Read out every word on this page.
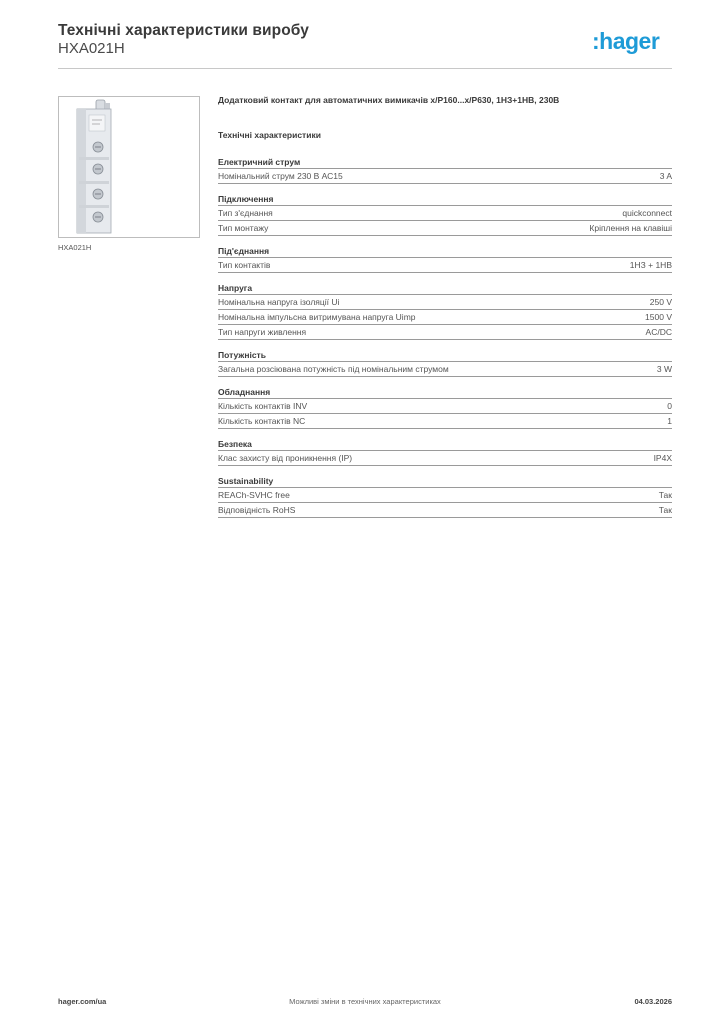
Технічні характеристики виробу
HXA021H	:hager
HXA021H
Додатковий контакт для автоматичних вимикачів x/P160...x/P630, 1НЗ+1НВ, 230В
Технічні характеристики
Електричний струм
Номінальний струм 230 В АС15	3 A
Підключення
Тип з'єднання	quickconnect
Тип монтажу	Кріплення на клавіші
Під'єднання
Тип контактів	1НЗ + 1НВ
Напруга
Номінальна напруга ізоляції Ui	250 V
Номінальна імпульсна витримувана напруга Uimp	1500 V
Тип напруги живлення	AC/DC
Потужність
Загальна розсіювана потужність під номінальним струмом	3 W
Обладнання
Кількість контактів INV	0
Кількість контактів NC	1
Безпека
Клас захисту від проникнення (IP)	IP4X
Sustainability
REACh-SVHC free	Так
Відповідність RoHS	Так
Можливі зміни в технічних характеристиках
hager.com/ua	04.03.2026
